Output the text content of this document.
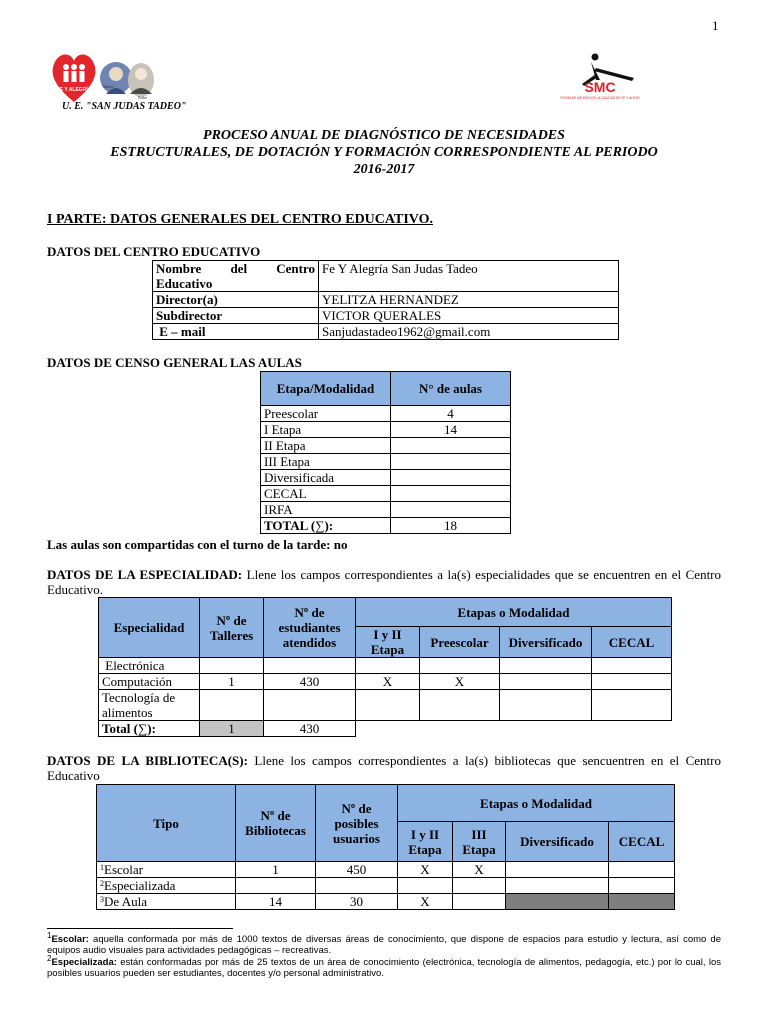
1
FE Y ALEGRÍA
Madre
Padre
U. E. "SAN JUDAS TADEO"
SMC
SISTEMA DE MEJORA DE LA CALIDAD DE FE Y ALEGRÍA
PROCESO ANUAL DE DIAGNÓSTICO DE NECESIDADES
ESTRUCTURALES, DE DOTACIÓN Y FORMACIÓN CORRESPONDIENTE AL PERIODO
2016-2017
I PARTE: DATOS GENERALES DEL CENTRO EDUCATIVO.
DATOS DEL CENTRO EDUCATIVO
Nombre del Centro
Educativo	Fe Y Alegría San Judas Tadeo
Director(a)	YELITZA HERNANDEZ
Subdirector	VICTOR QUERALES
E – mail	Sanjudastadeo1962@gmail.com
DATOS DE CENSO GENERAL LAS AULAS
Etapa/Modalidad	N° de aulas
Preescolar	4
I Etapa	14
II Etapa	
III Etapa	
Diversificada	
CECAL	
IRFA	
TOTAL (∑):	18
Las aulas son compartidas con el turno de la tarde: no
DATOS DE LA ESPECIALIDAD: Llene los campos correspondientes a la(s) especialidades que se encuentren en el Centro Educativo.
Especialidad	Nº de Talleres	Nº de estudiantes atendidos	Etapas o Modalidad			
			I y II Etapa	Preescolar	Diversificado	CECAL
Electrónica						
Computación	1	430	X	X		
Tecnología de alimentos						
Total (∑):	1	430				
DATOS DE LA BIBLIOTECA(S): Llene los campos correspondientes a la(s) bibliotecas que sencuentren en el Centro Educativo
Tipo	Nº de Bibliotecas	Nº de posibles usuarios	Etapas o Modalidad			
			I y II Etapa	III Etapa	Diversificado	CECAL
$^1$Escolar	1	450	X	X		
$^2$Especializada						
$^3$De Aula	14	30	X			
$^1$Escolar: aquella conformada por más de 1000 textos de diversas áreas de conocimiento, que dispone de espacios para estudio y lectura, así como de equipos audio visuales para actividades pedagógicas – recreativas.
$^2$Especializada: están conformadas por más de 25 textos de un área de conocimiento (electrónica, tecnología de alimentos, pedagogía, etc.) por lo cual, los posibles usuarios pueden ser estudiantes, docentes y/o personal administrativo.
